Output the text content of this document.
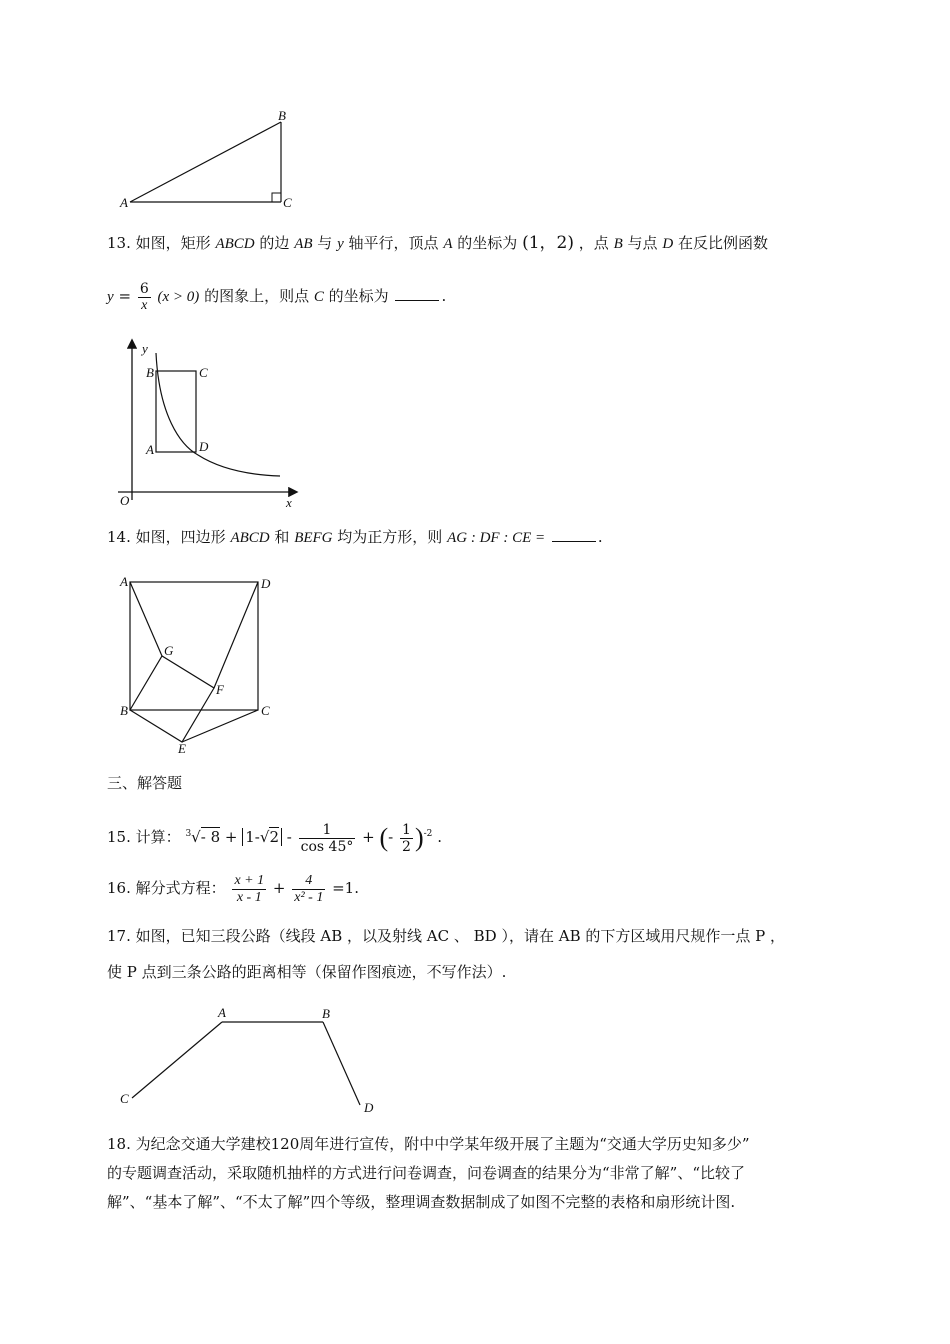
A
B
C
13. 如图，矩形 ABCD 的边 AB 与 y 轴平行，顶点 A 的坐标为 (1，2) ，点 B 与点 D 在反比例函数
$y = \frac{6}{x} (x > 0)$ 的图象上，则点 C 的坐标为	.
y
x
O
A
B	C
D
14. 如图，四边形 ABCD 和 BEFG 均为正方形，则 AG : DF : CE =	.
A	D
B	C
E
F
G
三、解答题
15. 计算： $^3$√- $8 + 1-√2 - \frac{1}{\cos 45^\circ}$ + (- $\frac{1}{2} )^{-2}$ .
16. 解分式方程： $\frac{x + 1}{x - 1} + \frac{4}{\text{x² - 1}} =1$.
17. 如图，已知三段公路（线段 AB ，以及射线 AC 、 BD ），请在 AB 的下方区域用尺规作一点 P ，
使 P 点到三条公路的距离相等（保留作图痕迹，不写作法）.
A	B
C
D
18. 为纪念交通大学建校120周年进行宣传，附中中学某年级开展了主题为“交通大学历史知多少”
的专题调查活动，采取随机抽样的方式进行问卷调查，问卷调查的结果分为“非常了解”、“比较了
解”、“基本了解”、“不太了解”四个等级，整理调查数据制成了如图不完整的表格和扇形统计图.
